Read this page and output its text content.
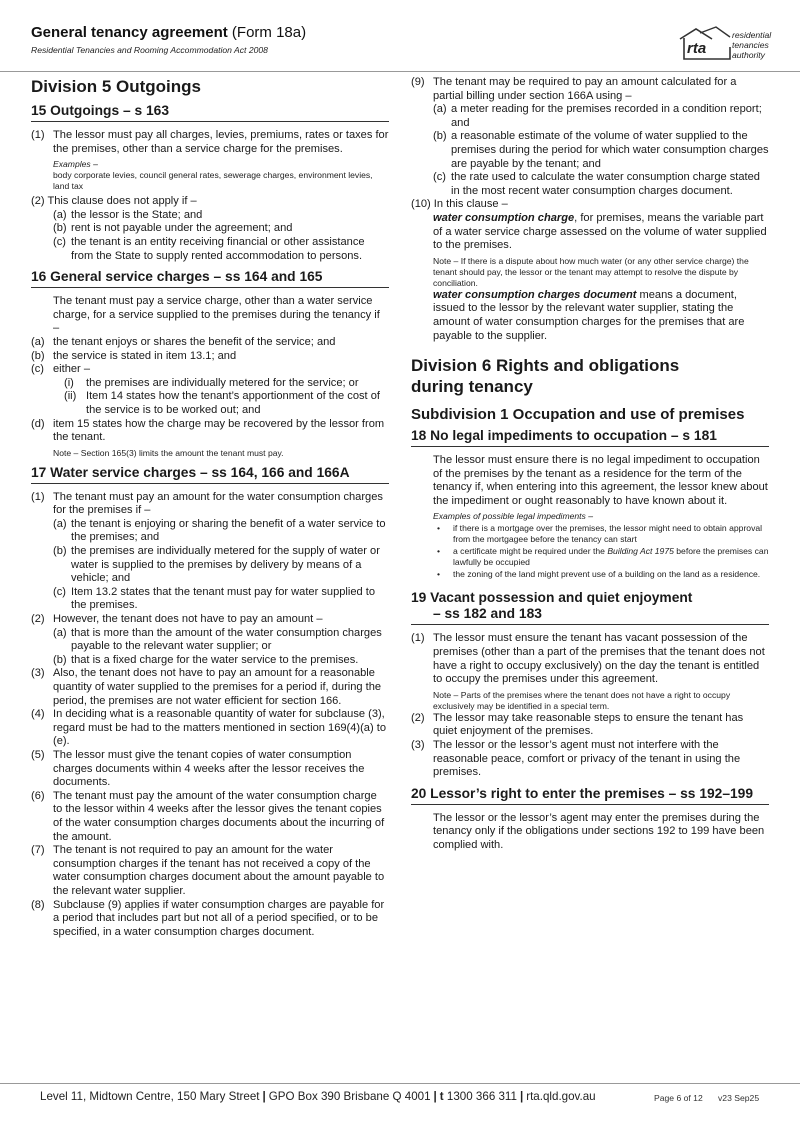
General tenancy agreement (Form 18a)
Residential Tenancies and Rooming Accommodation Act 2008	rta
residential
tenancies
authority
Division 5 Outgoings
15 Outgoings – s 163
(1) The lessor must pay all charges, levies, premiums, rates or taxes for the premises, other than a service charge for the premises.
Examples –
body corporate levies, council general rates, sewerage charges, environment levies, land tax
(2) This clause does not apply if –
(a) the lessor is the State; and
(b) rent is not payable under the agreement; and
(c) the tenant is an entity receiving financial or other assistance from the State to supply rented accommodation to persons.
16 General service charges – ss 164 and 165
The tenant must pay a service charge, other than a water service charge, for a service supplied to the premises during the tenancy if –
(a) the tenant enjoys or shares the benefit of the service; and
(b) the service is stated in item 13.1; and
(c) either –
(i) the premises are individually metered for the service; or
(ii) Item 14 states how the tenant’s apportionment of the cost of the service is to be worked out; and
(d) item 15 states how the charge may be recovered by the lessor from the tenant.
Note – Section 165(3) limits the amount the tenant must pay.
17 Water service charges – ss 164, 166 and 166A
(1) The tenant must pay an amount for the water consumption charges for the premises if –
(a) the tenant is enjoying or sharing the benefit of a water service to the premises; and
(b) the premises are individually metered for the supply of water or water is supplied to the premises by delivery by means of a vehicle; and
(c) Item 13.2 states that the tenant must pay for water supplied to the premises.
(2) However, the tenant does not have to pay an amount –
(a) that is more than the amount of the water consumption charges payable to the relevant water supplier; or
(b) that is a fixed charge for the water service to the premises.
(3) Also, the tenant does not have to pay an amount for a reasonable quantity of water supplied to the premises for a period if, during the period, the premises are not water efficient for section 166.
(4) In deciding what is a reasonable quantity of water for subclause (3), regard must be had to the matters mentioned in section 169(4)(a) to (e).
(5) The lessor must give the tenant copies of water consumption charges documents within 4 weeks after the lessor receives the documents.
(6) The tenant must pay the amount of the water consumption charge to the lessor within 4 weeks after the lessor gives the tenant copies of the water consumption charges documents about the incurring of the amount.
(7) The tenant is not required to pay an amount for the water consumption charges if the tenant has not received a copy of the water consumption charges document about the amount payable to the relevant water supplier.
(8) Subclause (9) applies if water consumption charges are payable for a period that includes part but not all of a period specified, or to be specified, in a water consumption charges document.
(9) The tenant may be required to pay an amount calculated for a partial billing under section 166A using –
(a) a meter reading for the premises recorded in a condition report; and
(b) a reasonable estimate of the volume of water supplied to the premises during the period for which water consumption charges are payable by the tenant; and
(c) the rate used to calculate the water consumption charge stated in the most recent water consumption charges document.
(10) In this clause –
water consumption charge, for premises, means the variable part of a water service charge assessed on the volume of water supplied to the premises.
Note – If there is a dispute about how much water (or any other service charge) the tenant should pay, the lessor or the tenant may attempt to resolve the dispute by conciliation.
water consumption charges document means a document, issued to the lessor by the relevant water supplier, stating the amount of water consumption charges for the premises that are payable to the supplier.
Division 6 Rights and obligations
during tenancy
Subdivision 1 Occupation and use of premises
18 No legal impediments to occupation – s 181
The lessor must ensure there is no legal impediment to occupation of the premises by the tenant as a residence for the term of the tenancy if, when entering into this agreement, the lessor knew about the impediment or ought reasonably to have known about it.
Examples of possible legal impediments –
• if there is a mortgage over the premises, the lessor might need to obtain approval from the mortgagee before the tenancy can start
• a certificate might be required under the Building Act 1975 before the premises can lawfully be occupied
• the zoning of the land might prevent use of a building on the land as a residence.
19 Vacant possession and quiet enjoyment
– ss 182 and 183
(1) The lessor must ensure the tenant has vacant possession of the premises (other than a part of the premises that the tenant does not have a right to occupy exclusively) on the day the tenant is entitled to occupy the premises under this agreement.
Note – Parts of the premises where the tenant does not have a right to occupy exclusively may be identified in a special term.
(2) The lessor may take reasonable steps to ensure the tenant has quiet enjoyment of the premises.
(3) The lessor or the lessor’s agent must not interfere with the reasonable peace, comfort or privacy of the tenant in using the premises.
20 Lessor’s right to enter the premises – ss 192–199
The lessor or the lessor’s agent may enter the premises during the tenancy only if the obligations under sections 192 to 199 have been complied with.
Level 11, Midtown Centre, 150 Mary Street | GPO Box 390 Brisbane Q 4001 | t 1300 366 311 | rta.qld.gov.au	Page 6 of 12 v23 Sep25
